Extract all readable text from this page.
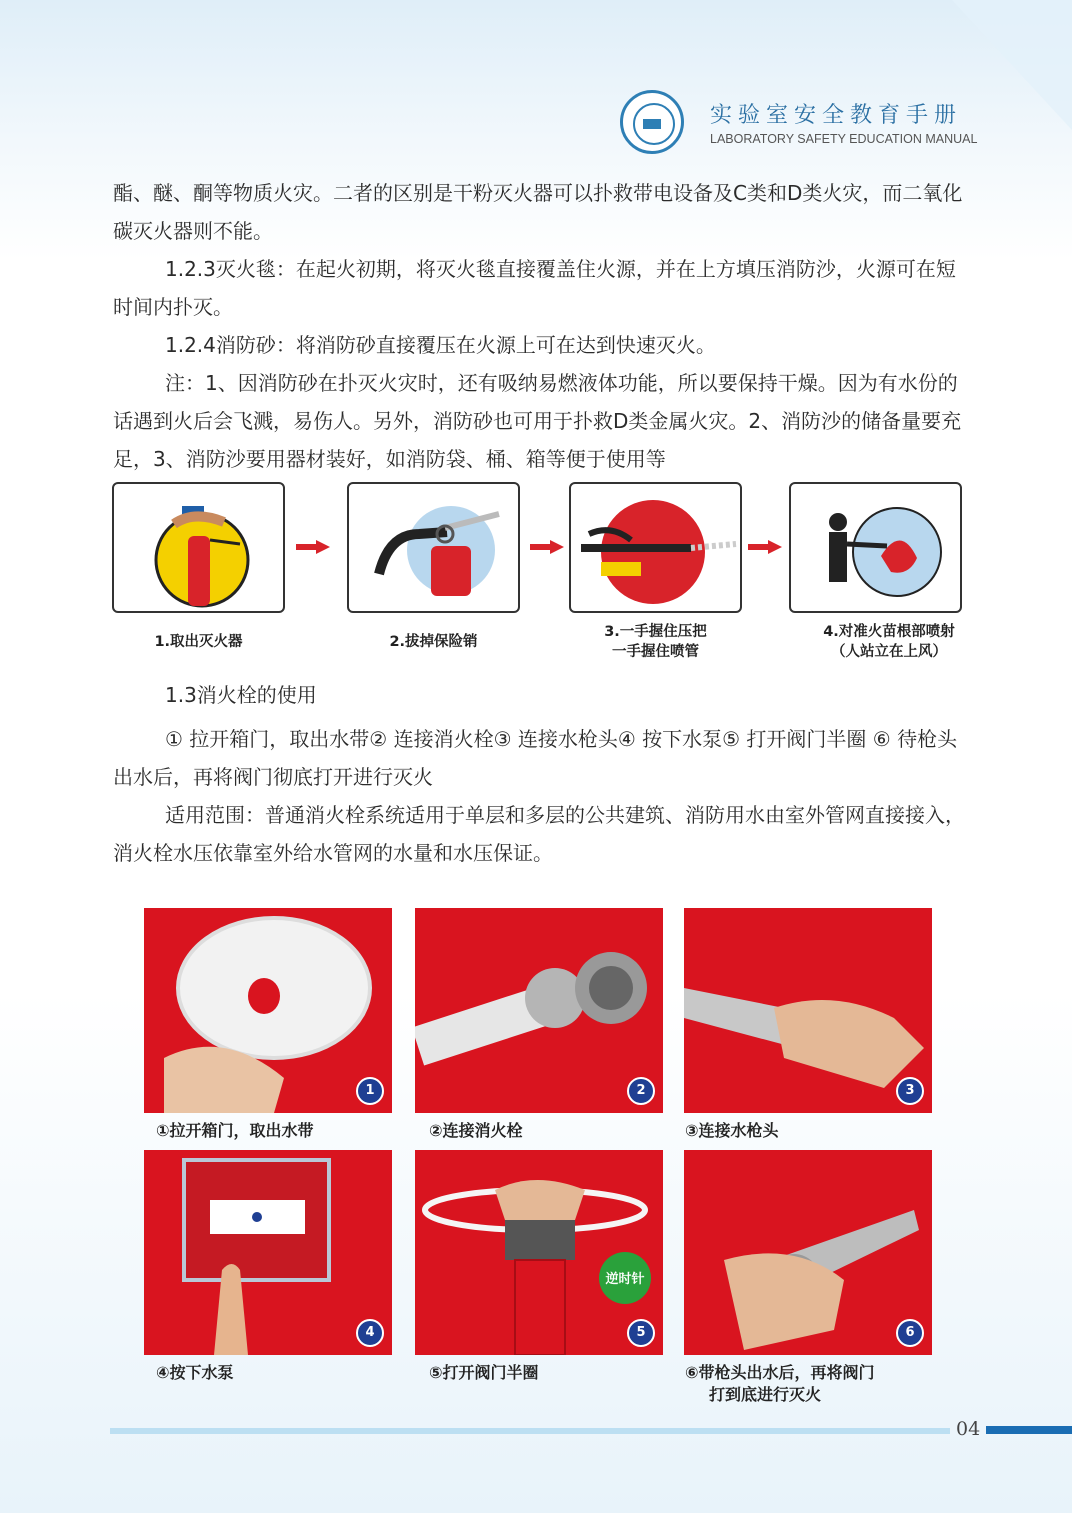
实验室安全教育手册
LABORATORY SAFETY EDUCATION MANUAL

酯、醚、酮等物质火灾。二者的区别是干粉灭火器可以扑救带电设备及C类和D类火灾，而二氧化碳灭火器则不能。

1.2.3灭火毯：在起火初期，将灭火毯直接覆盖住火源，并在上方填压消防沙，火源可在短时间内扑灭。

1.2.4消防砂：将消防砂直接覆压在火源上可在达到快速灭火。

注：1、因消防砂在扑灭火灾时，还有吸纳易燃液体功能，所以要保持干燥。因为有水份的话遇到火后会飞溅，易伤人。另外，消防砂也可用于扑救D类金属火灾。2、消防沙的储备量要充足，3、消防沙要用器材装好，如消防袋、桶、箱等便于使用等

1.取出灭火器	2.拔掉保险销
3.一手握住压把
一手握住喷管
4.对准火苗根部喷射
（人站立在上风）

1.3消火栓的使用

① 拉开箱门，取出水带② 连接消火栓③ 连接水枪头④ 按下水泵⑤ 打开阀门半圈 ⑥ 待枪头出水后，再将阀门彻底打开进行灭火

适用范围：普通消火栓系统适用于单层和多层的公共建筑、消防用水由室外管网直接接入，消火栓水压依靠室外给水管网的水量和水压保证。

1	2	3
4
逆时针
5	6
①拉开箱门，取出水带	②连接消火栓	③连接水枪头
④按下水泵	⑤打开阀门半圈	⑥带枪头出水后，再将阀门
打到底进行灭火
04
